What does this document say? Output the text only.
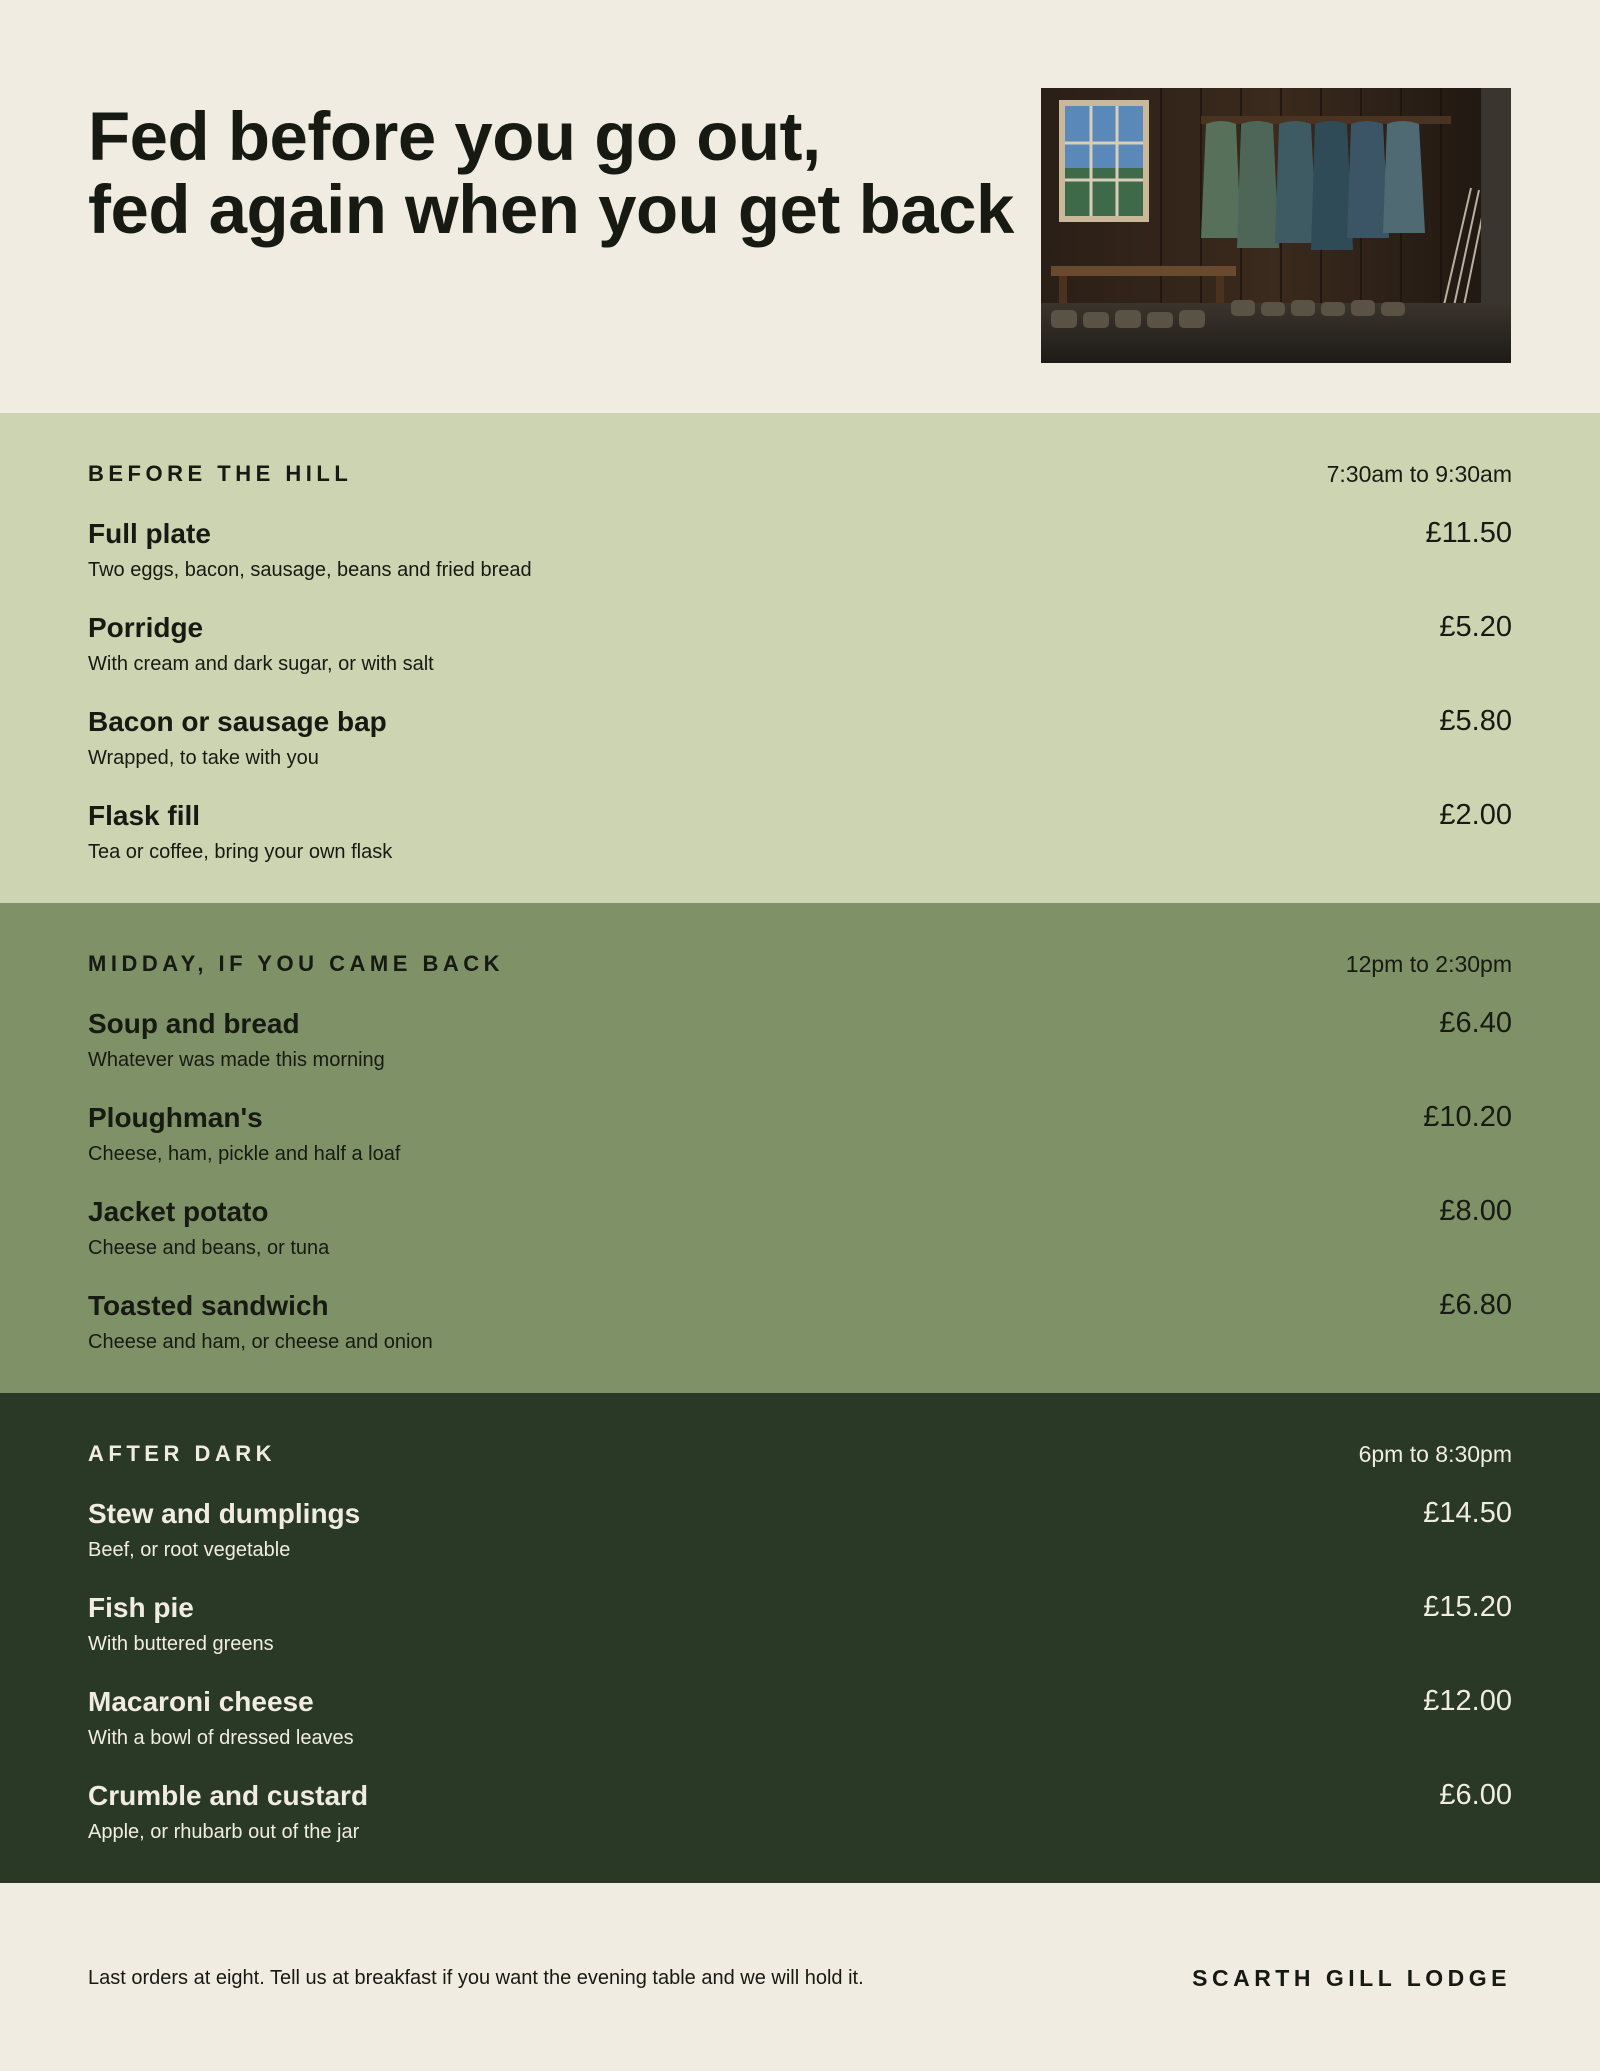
Fed before you go out,
fed again when you get back
BEFORE THE HILL	7:30am to 9:30am
Full plate
Two eggs, bacon, sausage, beans and fried bread
£11.50
Porridge
With cream and dark sugar, or with salt
£5.20
Bacon or sausage bap
Wrapped, to take with you
£5.80
Flask fill
Tea or coffee, bring your own flask
£2.00
MIDDAY, IF YOU CAME BACK	12pm to 2:30pm
Soup and bread
Whatever was made this morning
£6.40
Ploughman's
Cheese, ham, pickle and half a loaf
£10.20
Jacket potato
Cheese and beans, or tuna
£8.00
Toasted sandwich
Cheese and ham, or cheese and onion
£6.80
AFTER DARK	6pm to 8:30pm
Stew and dumplings
Beef, or root vegetable
£14.50
Fish pie
With buttered greens
£15.20
Macaroni cheese
With a bowl of dressed leaves
£12.00
Crumble and custard
Apple, or rhubarb out of the jar
£6.00
Last orders at eight. Tell us at breakfast if you want the evening table and we will hold it.	SCARTH GILL LODGE
